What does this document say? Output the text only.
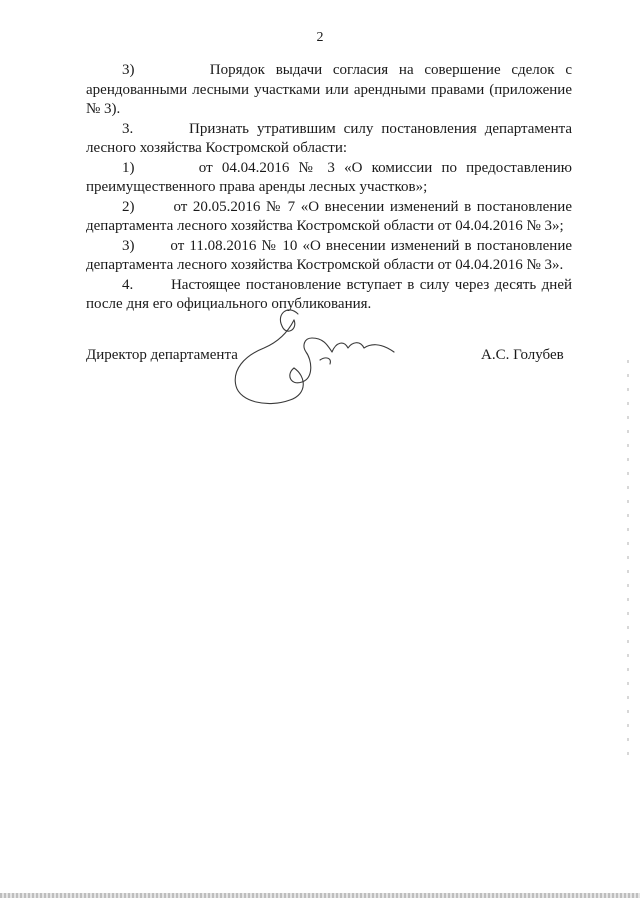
2

3)       Порядок выдачи согласия на совершение сделок с арендованными лесными участками или арендными правами (приложение № 3).

3.       Признать утратившим силу постановления департамента лесного хозяйства Костромской области:

1)       от 04.04.2016 № 3 «О комиссии по предоставлению преимущественного права аренды лесных участков»;

2)       от 20.05.2016 № 7 «О внесении изменений в постановление департамента лесного хозяйства Костромской области от 04.04.2016 № 3»;

3)       от 11.08.2016 № 10 «О внесении изменений в постановление департамента лесного хозяйства Костромской области от 04.04.2016 № 3».

4.       Настоящее постановление вступает в силу через десять дней после дня его официального опубликования.

Директор департамента	А.С. Голубев
